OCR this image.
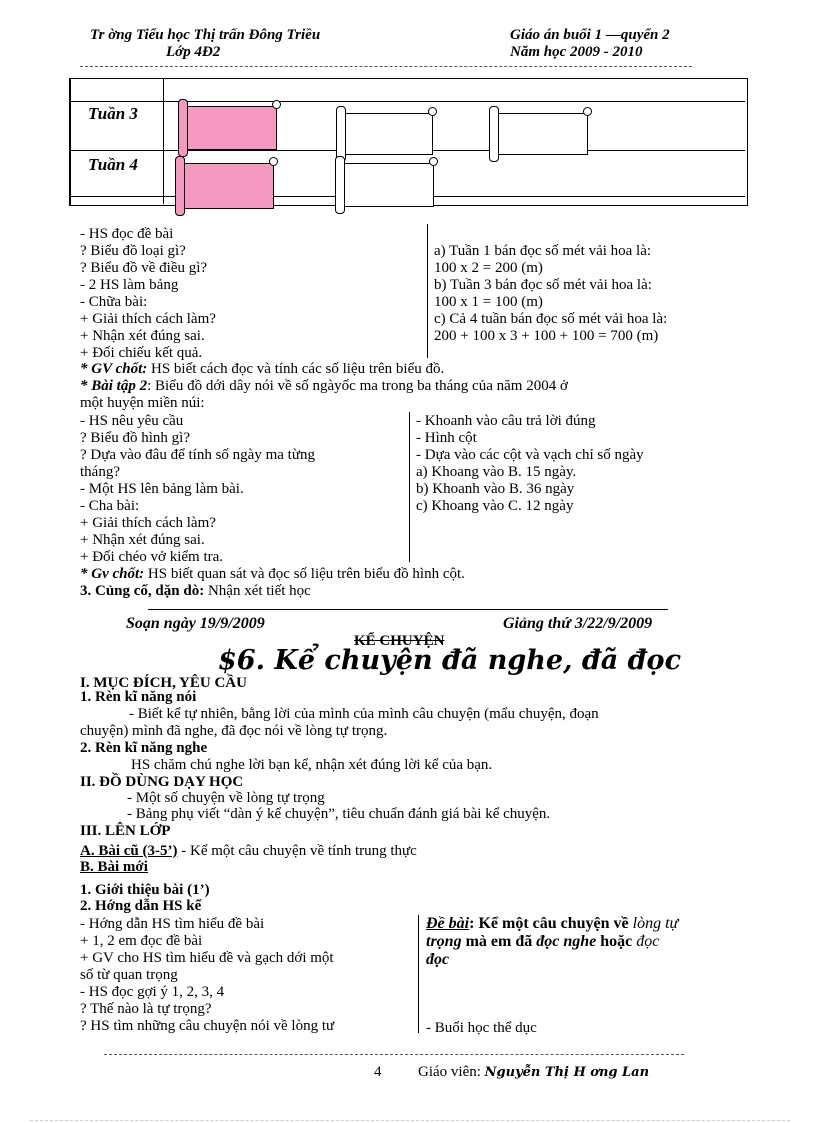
Tr ờng Tiểu học Thị trấn Đông Triều
Lớp 4Đ2
Giáo án buổi 1 —quyển 2
Năm học 2009 - 2010
Tuần 3
Tuần 4
- HS đọc đề bài
? Biểu đồ loại gì?
? Biểu đồ về điều gì?
- 2 HS làm bảng
- Chữa bài:
+ Giải thích cách làm?
+ Nhận xét đúng sai.
+ Đối chiếu kết quả.
a) Tuần 1 bán đọc số mét vải hoa là:
100 x 2 = 200 (m)
b) Tuần 3 bán đọc số mét vải hoa là:
100 x 1 = 100 (m)
c) Cả 4 tuần bán đọc số mét vải hoa là:
200 + 100 x 3 + 100 + 100 = 700 (m)
* GV chốt: HS biết cách đọc và tính các số liệu trên biểu đồ.
* Bài tập 2: Biểu đồ dới dây nói về số ngàyốc ma trong ba tháng của năm 2004 ở
một huyện miền núi:
- HS nêu yêu cầu
? Biểu đồ hình gì?
? Dựa vào đâu để tính số ngày ma từng
tháng?
- Một HS lên bảng làm bài.
- Cha bài:
+ Giải thích cách làm?
+ Nhận xét đúng sai.
+ Đối chéo vở kiểm tra.
- Khoanh vào câu trả lời đúng
- Hình cột
- Dựa vào các cột và vạch chỉ số ngày
a) Khoang vào B. 15 ngày.
b) Khoanh vào B. 36 ngày
c) Khoang vào C. 12 ngày
* Gv chốt: HS biết quan sát và đọc số liệu trên biểu đồ hình cột.
3. Củng cố, dặn dò: Nhận xét tiết học
Soạn ngày 19/9/2009	Giảng thứ 3/22/9/2009
KỂ CHUYỆN
$6. Kể chuyện đã nghe, đã đọc
I. MỤC ĐÍCH, YÊU CẦU
1. Rèn kĩ năng nói
- Biết kể tự nhiên, bằng lời của mình của mình câu chuyện (mẩu chuyện, đoạn
chuyện) mình đã nghe, đã đọc nói về lòng tự trọng.
2. Rèn kĩ năng nghe
HS chăm chú nghe lời bạn kể, nhận xét đúng lời kể của bạn.
II. ĐỒ DÙNG DẠY HỌC
- Một số chuyện về lòng tự trọng
- Bảng phụ viết “dàn ý kể chuyện”, tiêu chuẩn đánh giá bài kể chuyện.
III. LÊN LỚP
A. Bài cũ (3-5’) - Kể một câu chuyện về tính trung thực
B. Bài mới
1. Giới thiệu bài (1’)
2. Hớng dẫn HS kể
- Hớng dẫn HS tìm hiểu đề bài
+ 1, 2 em đọc đề bài
+ GV cho HS tìm hiểu đề và gạch dới một
số từ quan trọng
- HS đọc gợi ý 1, 2, 3, 4
? Thế nào là tự trọng?
? HS tìm những câu chuyện nói về lòng tư
Đề bài: Kể một câu chuyện về lòng tự
trọng mà em đã đọc nghe hoặc đọc
đọc
- Buổi học thể dục
4 Giáo viên: Nguyễn Thị H ơng Lan
